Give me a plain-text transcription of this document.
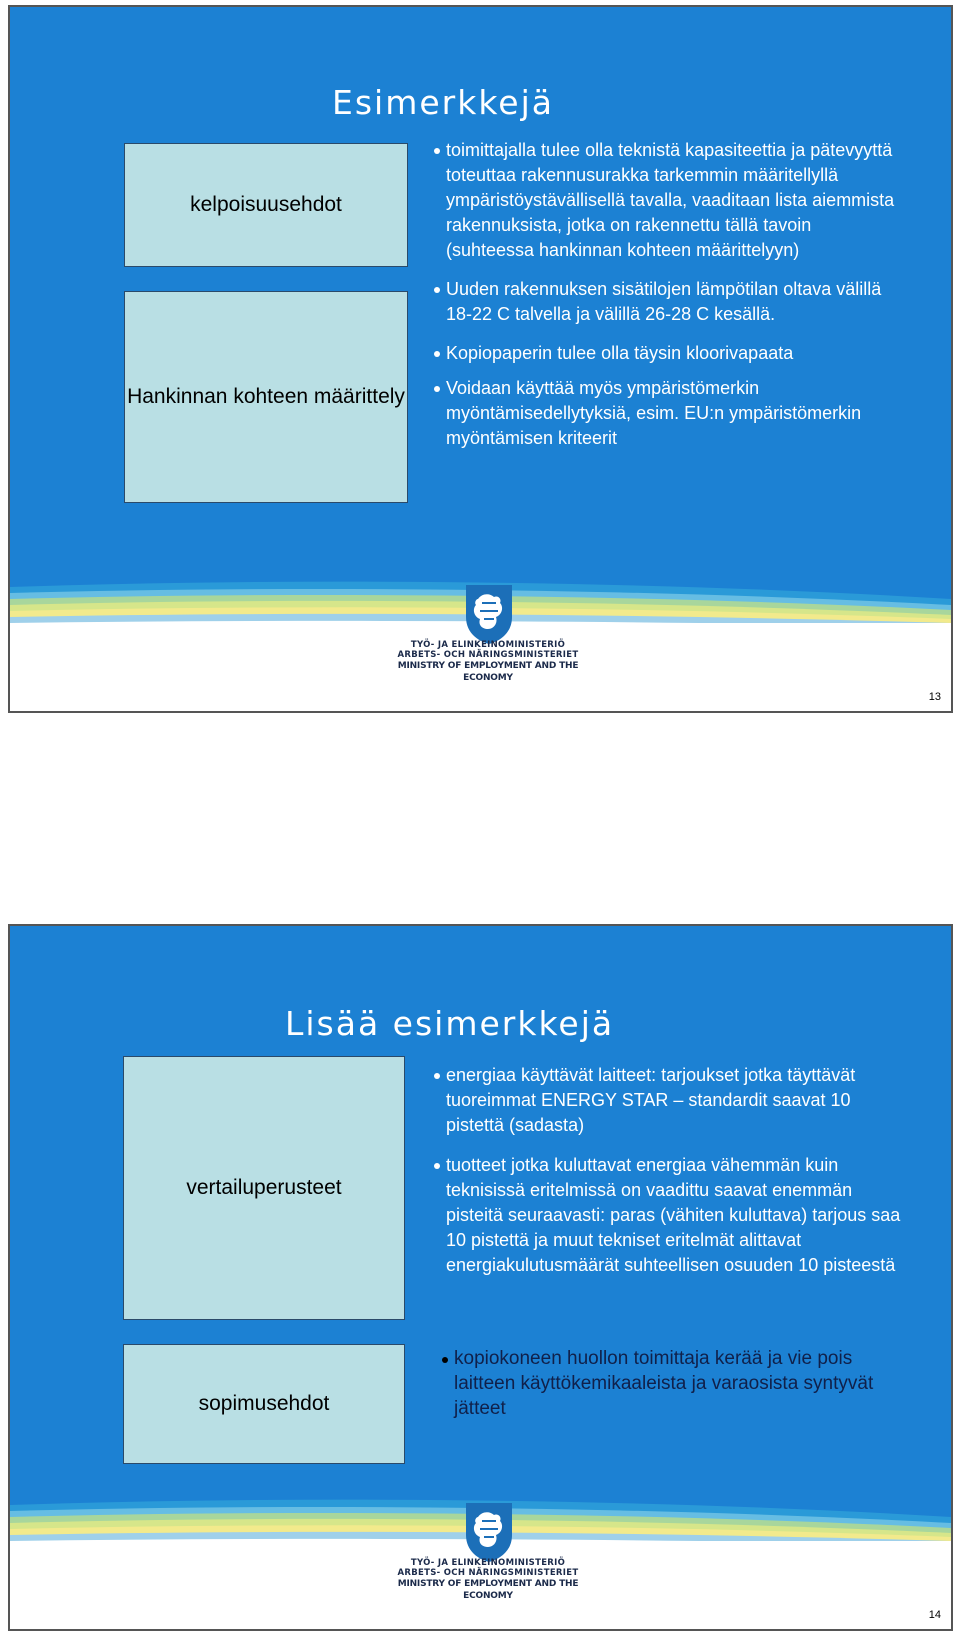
Esimerkkejä
kelpoisuusehdot
Hankinnan kohteen määrittely
toimittajalla tulee olla teknistä kapasiteettia ja pätevyyttä toteuttaa rakennusurakka tarkemmin määritellyllä ympäristöystävällisellä tavalla, vaaditaan lista aiemmista rakennuksista, jotka on rakennettu tällä tavoin (suhteessa hankinnan kohteen määrittelyyn)
Uuden rakennuksen sisätilojen lämpötilan oltava välillä 18-22 C talvella ja välillä 26-28 C kesällä.
Kopiopaperin tulee olla täysin kloorivapaata
Voidaan käyttää myös ympäristömerkin myöntämisedellytyksiä, esim. EU:n ympäristömerkin myöntämisen kriteerit
TYÖ- JA ELINKEINOMINISTERIÖ
ARBETS- OCH NÄRINGSMINISTERIET
MINISTRY OF EMPLOYMENT AND THE ECONOMY
13
Lisää esimerkkejä
vertailuperusteet
sopimusehdot
energiaa käyttävät laitteet: tarjoukset jotka täyttävät tuoreimmat ENERGY STAR – standardit saavat 10 pistettä (sadasta)
tuotteet jotka kuluttavat energiaa vähemmän kuin teknisissä eritelmissä on vaadittu saavat enemmän pisteitä seuraavasti: paras (vähiten kuluttava) tarjous saa 10 pistettä ja muut tekniset eritelmät alittavat energiakulutusmäärät suhteellisen osuuden 10 pisteestä
kopiokoneen huollon toimittaja kerää ja vie pois laitteen käyttökemikaaleista ja varaosista syntyvät jätteet
TYÖ- JA ELINKEINOMINISTERIÖ
ARBETS- OCH NÄRINGSMINISTERIET
MINISTRY OF EMPLOYMENT AND THE ECONOMY
14
